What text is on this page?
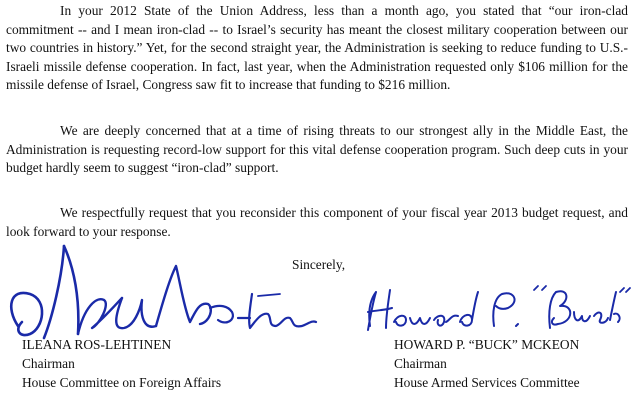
In your 2012 State of the Union Address, less than a month ago, you stated that “our iron-clad commitment -- and I mean iron-clad -- to Israel’s security has meant the closest military cooperation between our two countries in history.” Yet, for the second straight year, the Administration is seeking to reduce funding to U.S.-Israeli missile defense cooperation. In fact, last year, when the Administration requested only $106 million for the missile defense of Israel, Congress saw fit to increase that funding to $216 million.

We are deeply concerned that at a time of rising threats to our strongest ally in the Middle East, the Administration is requesting record-low support for this vital defense cooperation program. Such deep cuts in your budget hardly seem to suggest “iron-clad” support.

We respectfully request that you reconsider this component of your fiscal year 2013 budget request, and look forward to your response.

Sincerely,
ILEANA ROS-LEHTINEN
Chairman
House Committee on Foreign Affairs
HOWARD P. “BUCK” MCKEON
Chairman
House Armed Services Committee
